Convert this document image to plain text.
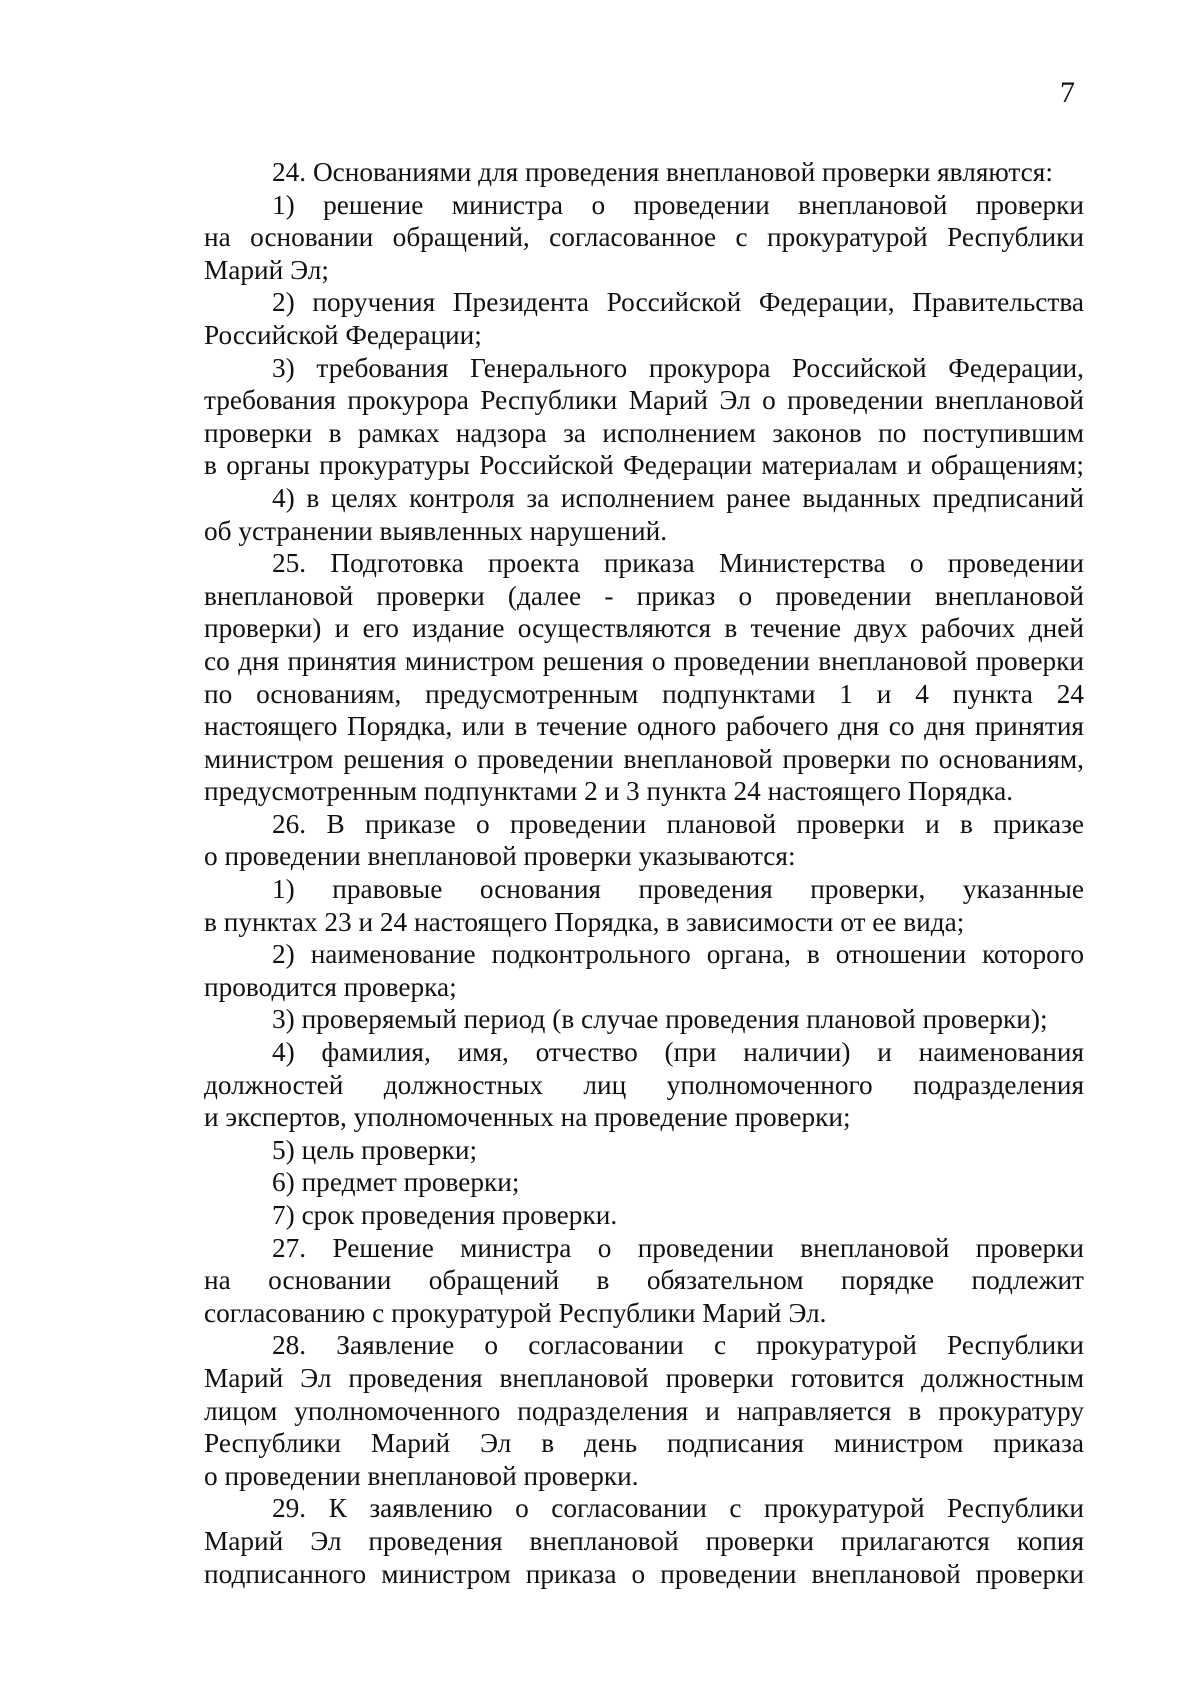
7
24. Основаниями для проведения внеплановой проверки являются:
1) решение министра о проведении внеплановой проверки
на основании обращений, согласованное с прокуратурой Республики
Марий Эл;
2) поручения Президента Российской Федерации, Правительства
Российской Федерации;
3) требования Генерального прокурора Российской Федерации,
требования прокурора Республики Марий Эл о проведении внеплановой
проверки в рамках надзора за исполнением законов по поступившим
в органы прокуратуры Российской Федерации материалам и обращениям;
4) в целях контроля за исполнением ранее выданных предписаний
об устранении выявленных нарушений.
25. Подготовка проекта приказа Министерства о проведении
внеплановой проверки (далее - приказ о проведении внеплановой
проверки) и его издание осуществляются в течение двух рабочих дней
со дня принятия министром решения о проведении внеплановой проверки
по основаниям, предусмотренным подпунктами 1 и 4 пункта 24
настоящего Порядка, или в течение одного рабочего дня со дня принятия
министром решения о проведении внеплановой проверки по основаниям,
предусмотренным подпунктами 2 и 3 пункта 24 настоящего Порядка.
26. В приказе о проведении плановой проверки и в приказе
о проведении внеплановой проверки указываются:
1) правовые основания проведения проверки, указанные
в пунктах 23 и 24 настоящего Порядка, в зависимости от ее вида;
2) наименование подконтрольного органа, в отношении которого
проводится проверка;
3) проверяемый период (в случае проведения плановой проверки);
4) фамилия, имя, отчество (при наличии) и наименования
должностей должностных лиц уполномоченного подразделения
и экспертов, уполномоченных на проведение проверки;
5) цель проверки;
6) предмет проверки;
7) срок проведения проверки.
27. Решение министра о проведении внеплановой проверки
на основании обращений в обязательном порядке подлежит
согласованию с прокуратурой Республики Марий Эл.
28. Заявление о согласовании с прокуратурой Республики
Марий Эл проведения внеплановой проверки готовится должностным
лицом уполномоченного подразделения и направляется в прокуратуру
Республики Марий Эл в день подписания министром приказа
о проведении внеплановой проверки.
29. К заявлению о согласовании с прокуратурой Республики
Марий Эл проведения внеплановой проверки прилагаются копия
подписанного министром приказа о проведении внеплановой проверки
